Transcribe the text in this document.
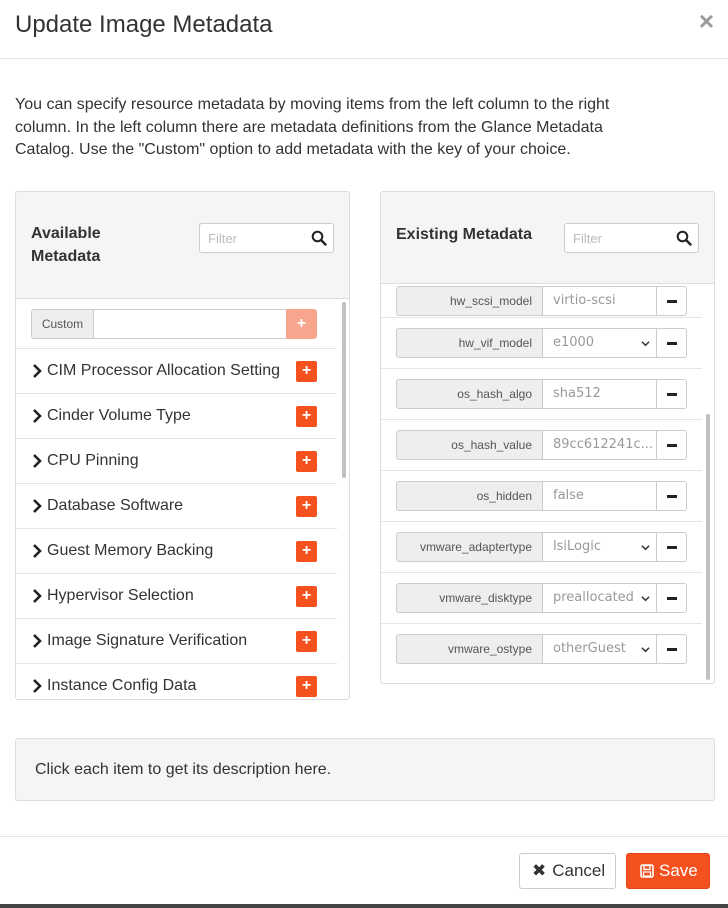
Update Image Metadata	×
You can specify resource metadata by moving items from the left column to the right column. In the left column there are metadata definitions from the Glance Metadata Catalog. Use the "Custom" option to add metadata with the key of your choice.
Available Metadata
Filter
Custom	+
CIM Processor Allocation Setting	+
Cinder Volume Type	+
CPU Pinning	+
Database Software	+
Guest Memory Backing	+
Hypervisor Selection	+
Image Signature Verification	+
Instance Config Data	+
Existing Metadata
Filter
hw_scsi_model	virtio-scsi
hw_vif_model	e1000
os_hash_algo	sha512
os_hash_value	89cc612241c...
os_hidden	false
vmware_adaptertype	lsiLogic
vmware_disktype	preallocated
vmware_ostype	otherGuest
Click each item to get its description here.
✖ Cancel	Save
